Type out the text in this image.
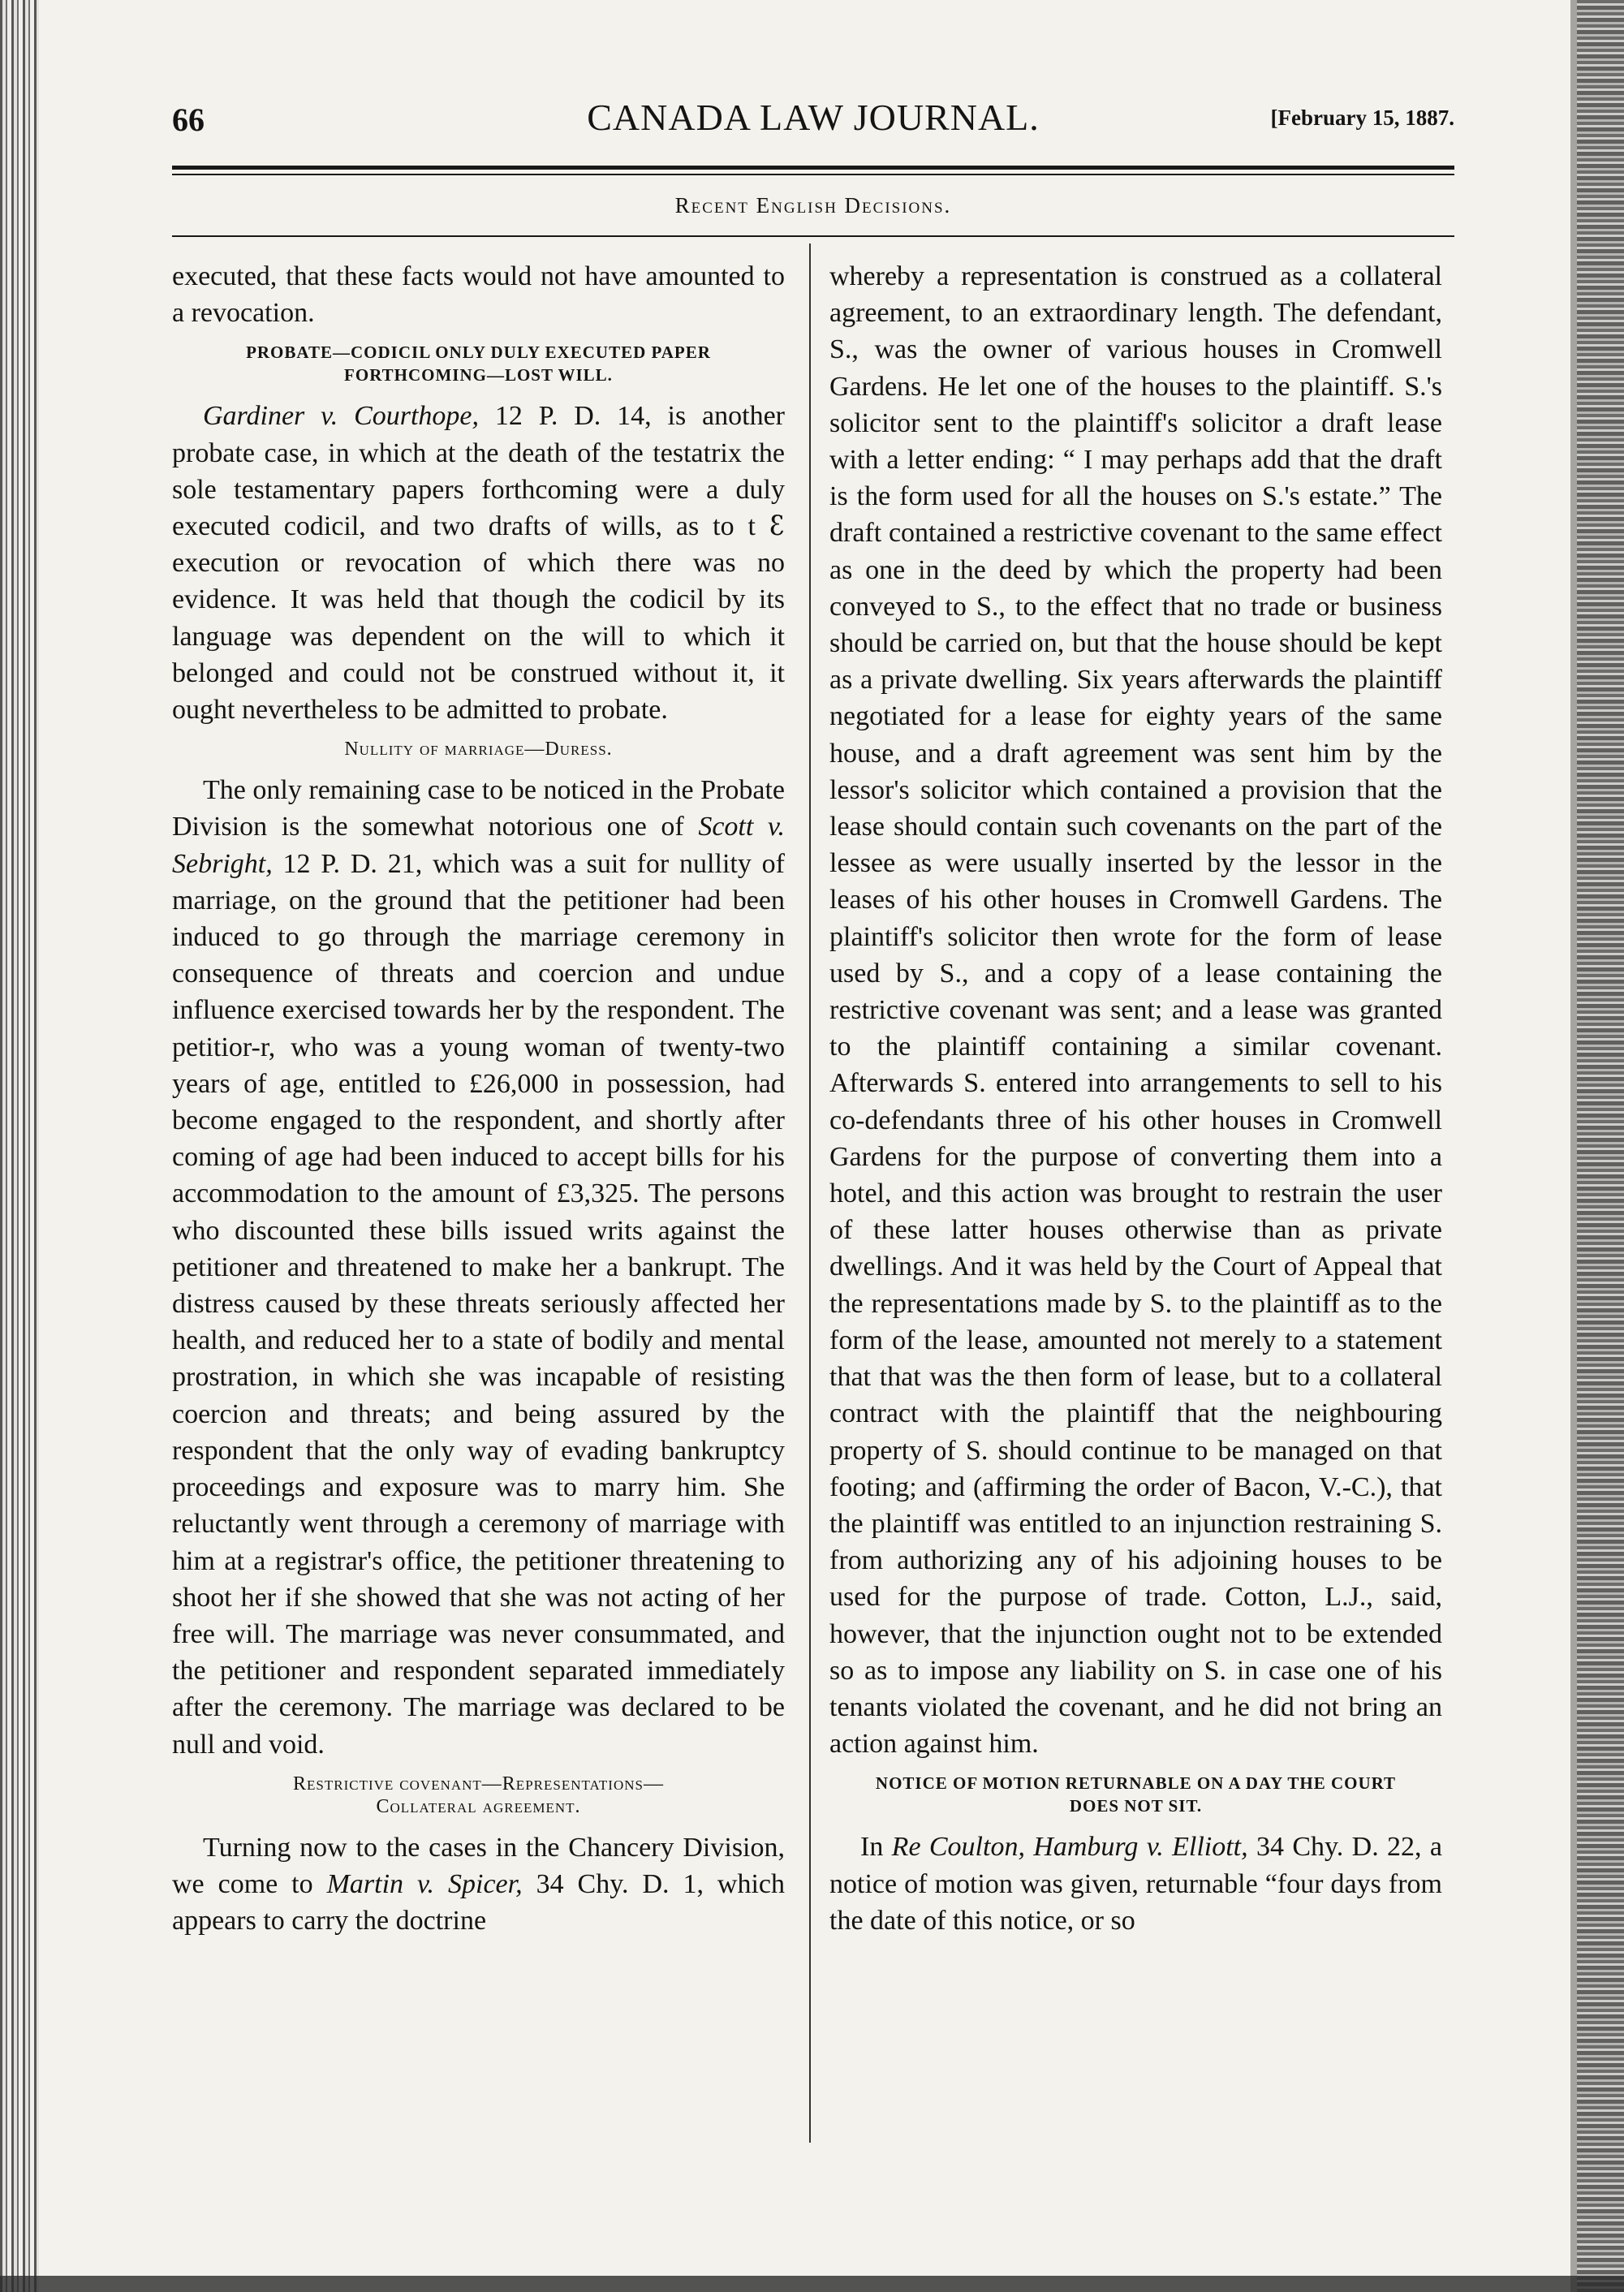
66	CANADA LAW JOURNAL.	[February 15, 1887.
Recent English Decisions.

executed, that these facts would not have amounted to a revocation.

PROBATE—CODICIL ONLY DULY EXECUTED PAPER
FORTHCOMING—LOST WILL.

Gardiner v. Courthope, 12 P. D. 14, is another probate case, in which at the death of the testatrix the sole testamentary papers forthcoming were a duly executed codicil, and two drafts of wills, as to t ꜫ execution or revocation of which there was no evidence. It was held that though the codicil by its language was dependent on the will to which it belonged and could not be construed without it, it ought nevertheless to be admitted to probate.

Nullity of marriage—Duress.

The only remaining case to be noticed in the Probate Division is the somewhat notorious one of Scott v. Sebright, 12 P. D. 21, which was a suit for nullity of marriage, on the ground that the petitioner had been induced to go through the marriage ceremony in consequence of threats and coercion and undue influence exercised towards her by the respondent. The petitior-r, who was a young woman of twenty-two years of age, entitled to £26,000 in possession, had become engaged to the respondent, and shortly after coming of age had been induced to accept bills for his accommodation to the amount of £3,325. The persons who discounted these bills issued writs against the petitioner and threatened to make her a bankrupt. The distress caused by these threats seriously affected her health, and reduced her to a state of bodily and mental prostration, in which she was incapable of resisting coercion and threats; and being assured by the respondent that the only way of evading bankruptcy proceedings and exposure was to marry him. She reluctantly went through a ceremony of marriage with him at a registrar's office, the petitioner threatening to shoot her if she showed that she was not acting of her free will. The marriage was never consummated, and the petitioner and respondent separated immediately after the ceremony. The marriage was declared to be null and void.

Restrictive covenant—Representations—
Collateral agreement.

Turning now to the cases in the Chancery Division, we come to Martin v. Spicer, 34 Chy. D. 1, which appears to carry the doctrine

whereby a representation is construed as a collateral agreement, to an extraordinary length. The defendant, S., was the owner of various houses in Cromwell Gardens. He let one of the houses to the plaintiff. S.'s solicitor sent to the plaintiff's solicitor a draft lease with a letter ending: “ I may perhaps add that the draft is the form used for all the houses on S.'s estate.” The draft contained a restrictive covenant to the same effect as one in the deed by which the property had been conveyed to S., to the effect that no trade or business should be carried on, but that the house should be kept as a private dwelling. Six years afterwards the plaintiff negotiated for a lease for eighty years of the same house, and a draft agreement was sent him by the lessor's solicitor which contained a provision that the lease should contain such covenants on the part of the lessee as were usually inserted by the lessor in the leases of his other houses in Cromwell Gardens. The plaintiff's solicitor then wrote for the form of lease used by S., and a copy of a lease containing the restrictive covenant was sent; and a lease was granted to the plaintiff containing a similar covenant. Afterwards S. entered into arrangements to sell to his co-defendants three of his other houses in Cromwell Gardens for the purpose of converting them into a hotel, and this action was brought to restrain the user of these latter houses otherwise than as private dwellings. And it was held by the Court of Appeal that the representations made by S. to the plaintiff as to the form of the lease, amounted not merely to a statement that that was the then form of lease, but to a collateral contract with the plaintiff that the neighbouring property of S. should continue to be managed on that footing; and (affirming the order of Bacon, V.-C.), that the plaintiff was entitled to an injunction restraining S. from authorizing any of his adjoining houses to be used for the purpose of trade. Cotton, L.J., said, however, that the injunction ought not to be extended so as to impose any liability on S. in case one of his tenants violated the covenant, and he did not bring an action against him.

NOTICE OF MOTION RETURNABLE ON A DAY THE COURT
DOES NOT SIT.

In Re Coulton, Hamburg v. Elliott, 34 Chy. D. 22, a notice of motion was given, returnable “four days from the date of this notice, or so
